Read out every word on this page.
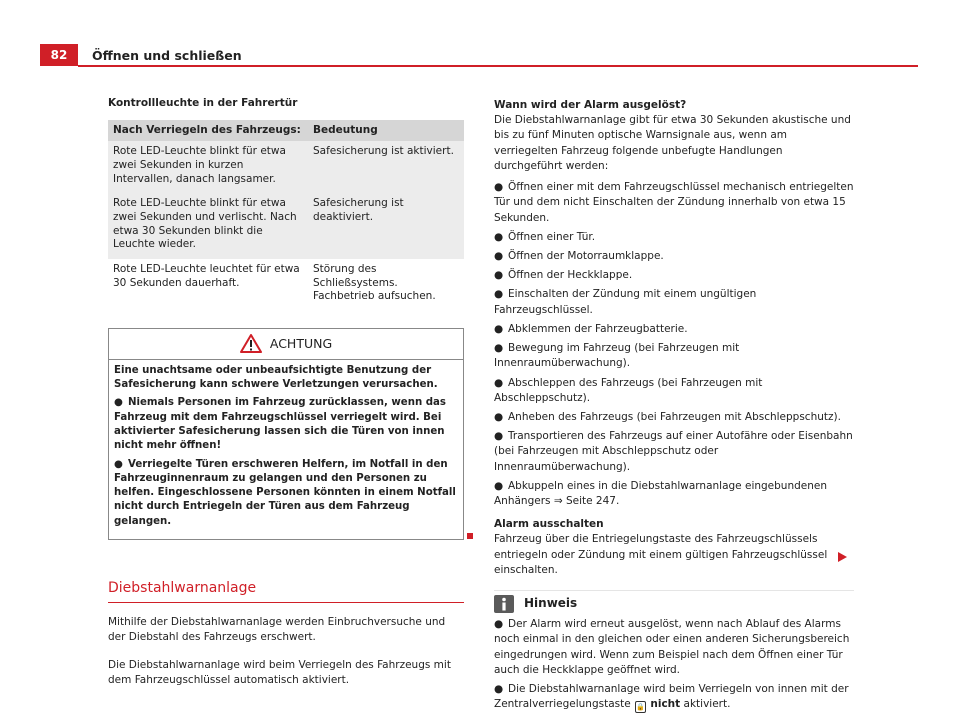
82	Öffnen und schließen
Kontrollleuchte in der Fahrertür
Nach Verriegeln des Fahrzeugs:	Bedeutung
Rote LED-Leuchte blinkt für etwa zwei Sekunden in kurzen Intervallen, danach langsamer.	Safesicherung ist aktiviert.
Rote LED-Leuchte blinkt für etwa zwei Sekunden und verlischt. Nach etwa 30 Sekunden blinkt die Leuchte wieder.	Safesicherung ist deaktiviert.
Rote LED-Leuchte leuchtet für etwa 30 Sekunden dauerhaft.	Störung des Schließsystems. Fachbetrieb aufsuchen.
ACHTUNG

Eine unachtsame oder unbeaufsichtigte Benutzung der Safesicherung kann schwere Verletzungen verursachen.

● Niemals Personen im Fahrzeug zurücklassen, wenn das Fahrzeug mit dem Fahrzeugschlüssel verriegelt wird. Bei aktivierter Safesicherung lassen sich die Türen von innen nicht mehr öffnen!

● Verriegelte Türen erschweren Helfern, im Notfall in den Fahrzeuginnenraum zu gelangen und den Personen zu helfen. Eingeschlossene Personen könnten in einem Notfall nicht durch Entriegeln der Türen aus dem Fahrzeug gelangen.

Diebstahlwarnanlage

Mithilfe der Diebstahlwarnanlage werden Einbruchversuche und der Diebstahl des Fahrzeugs erschwert.

Die Diebstahlwarnanlage wird beim Verriegeln des Fahrzeugs mit dem Fahrzeugschlüssel automatisch aktiviert.

Wann wird der Alarm ausgelöst?

Die Diebstahlwarnanlage gibt für etwa 30 Sekunden akustische und bis zu fünf Minuten optische Warnsignale aus, wenn am verriegelten Fahrzeug folgende unbefugte Handlungen durchgeführt werden:

● Öffnen einer mit dem Fahrzeugschlüssel mechanisch entriegelten Tür und dem nicht Einschalten der Zündung innerhalb von etwa 15 Sekunden.

● Öffnen einer Tür.

● Öffnen der Motorraumklappe.

● Öffnen der Heckklappe.

● Einschalten der Zündung mit einem ungültigen Fahrzeugschlüssel.

● Abklemmen der Fahrzeugbatterie.

● Bewegung im Fahrzeug (bei Fahrzeugen mit Innenraumüberwachung).

● Abschleppen des Fahrzeugs (bei Fahrzeugen mit Abschleppschutz).

● Anheben des Fahrzeugs (bei Fahrzeugen mit Abschleppschutz).

● Transportieren des Fahrzeugs auf einer Autofähre oder Eisenbahn (bei Fahrzeugen mit Abschleppschutz oder Innenraumüberwachung).

● Abkuppeln eines in die Diebstahlwarnanlage eingebundenen Anhängers ⇒ Seite 247.

Alarm ausschalten

Fahrzeug über die Entriegelungstaste des Fahrzeugschlüssels entriegeln oder Zündung mit einem gültigen Fahrzeugschlüssel einschalten.

Hinweis

● Der Alarm wird erneut ausgelöst, wenn nach Ablauf des Alarms noch einmal in den gleichen oder einen anderen Sicherungsbereich eingedrungen wird. Wenn zum Beispiel nach dem Öffnen einer Tür auch die Heckklappe geöffnet wird.

● Die Diebstahlwarnanlage wird beim Verriegeln von innen mit der Zentralverriegelungstaste 🔒 nicht aktiviert.
